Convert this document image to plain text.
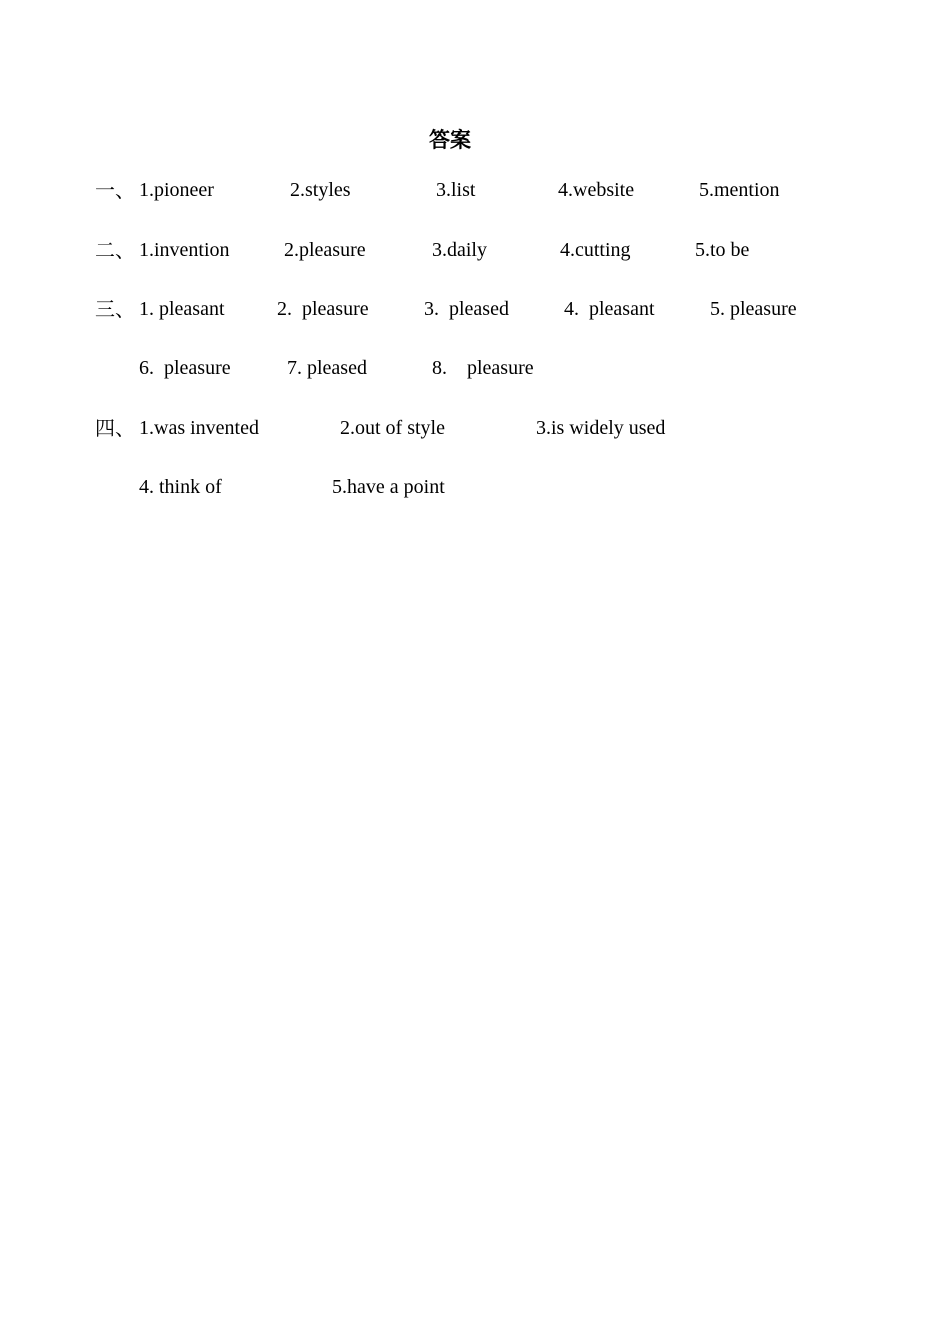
答案
一、 1.pioneer	2.styles	3.list	4.website	5.mention
二、 1.invention	2.pleasure	3.daily	4.cutting	5.to be
三、 1. pleasant	2.  pleasure	3.  pleased	4.  pleasant	5. pleasure
6.  pleasure	7. pleased	8.    pleasure
四、 1.was invented	2.out of style	3.is widely used
4. think of	5.have a point
